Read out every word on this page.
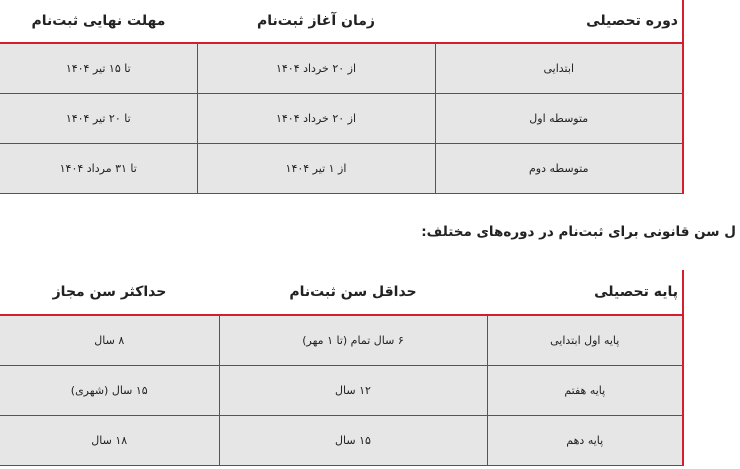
دوره تحصیلی	زمان آغاز ثبت‌نام	مهلت نهایی ثبت‌نام
ابتدایی	از ۲۰ خرداد ۱۴۰۴	تا ۱۵ تیر ۱۴۰۴
متوسطه اول	از ۲۰ خرداد ۱۴۰۴	تا ۲۰ تیر ۱۴۰۴
متوسطه دوم	از ۱ تیر ۱۴۰۴	تا ۳۱ مرداد ۱۴۰۴
ل سن قانونی برای ثبت‌نام در دوره‌های مختلف:
پایه تحصیلی	حداقل سن ثبت‌نام	حداکثر سن مجاز
پایه اول ابتدایی	۶ سال تمام (تا ۱ مهر)	۸ سال
پایه هفتم	۱۲ سال	۱۵ سال (شهری)
پایه دهم	۱۵ سال	۱۸ سال
